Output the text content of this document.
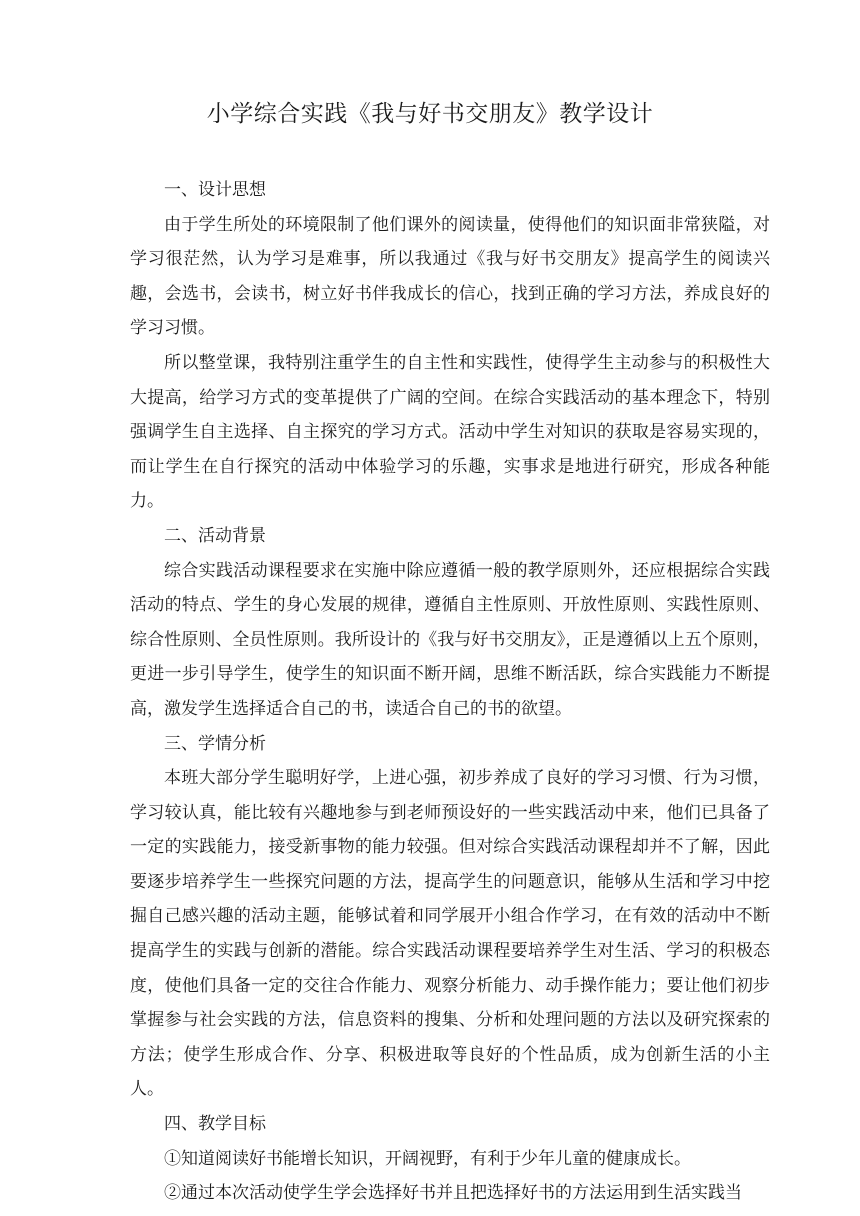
小学综合实践《我与好书交朋友》教学设计
一、设计思想

由于学生所处的环境限制了他们课外的阅读量，使得他们的知识面非常狭隘，对学习很茫然，认为学习是难事，所以我通过《我与好书交朋友》提高学生的阅读兴趣，会选书，会读书，树立好书伴我成长的信心，找到正确的学习方法，养成良好的学习习惯。

所以整堂课，我特别注重学生的自主性和实践性，使得学生主动参与的积极性大大提高，给学习方式的变革提供了广阔的空间。在综合实践活动的基本理念下，特别强调学生自主选择、自主探究的学习方式。活动中学生对知识的获取是容易实现的，而让学生在自行探究的活动中体验学习的乐趣，实事求是地进行研究，形成各种能力。

二、活动背景

综合实践活动课程要求在实施中除应遵循一般的教学原则外，还应根据综合实践活动的特点、学生的身心发展的规律，遵循自主性原则、开放性原则、实践性原则、综合性原则、全员性原则。我所设计的《我与好书交朋友》，正是遵循以上五个原则，更进一步引导学生，使学生的知识面不断开阔，思维不断活跃，综合实践能力不断提高，激发学生选择适合自己的书，读适合自己的书的欲望。

三、学情分析

本班大部分学生聪明好学，上进心强，初步养成了良好的学习习惯、行为习惯，学习较认真，能比较有兴趣地参与到老师预设好的一些实践活动中来，他们已具备了一定的实践能力，接受新事物的能力较强。但对综合实践活动课程却并不了解，因此要逐步培养学生一些探究问题的方法，提高学生的问题意识，能够从生活和学习中挖掘自己感兴趣的活动主题，能够试着和同学展开小组合作学习，在有效的活动中不断提高学生的实践与创新的潜能。综合实践活动课程要培养学生对生活、学习的积极态度，使他们具备一定的交往合作能力、观察分析能力、动手操作能力；要让他们初步掌握参与社会实践的方法，信息资料的搜集、分析和处理问题的方法以及研究探索的方法；使学生形成合作、分享、积极进取等良好的个性品质，成为创新生活的小主人。

四、教学目标

①知道阅读好书能增长知识，开阔视野，有利于少年儿童的健康成长。

②通过本次活动使学生学会选择好书并且把选择好书的方法运用到生活实践当
